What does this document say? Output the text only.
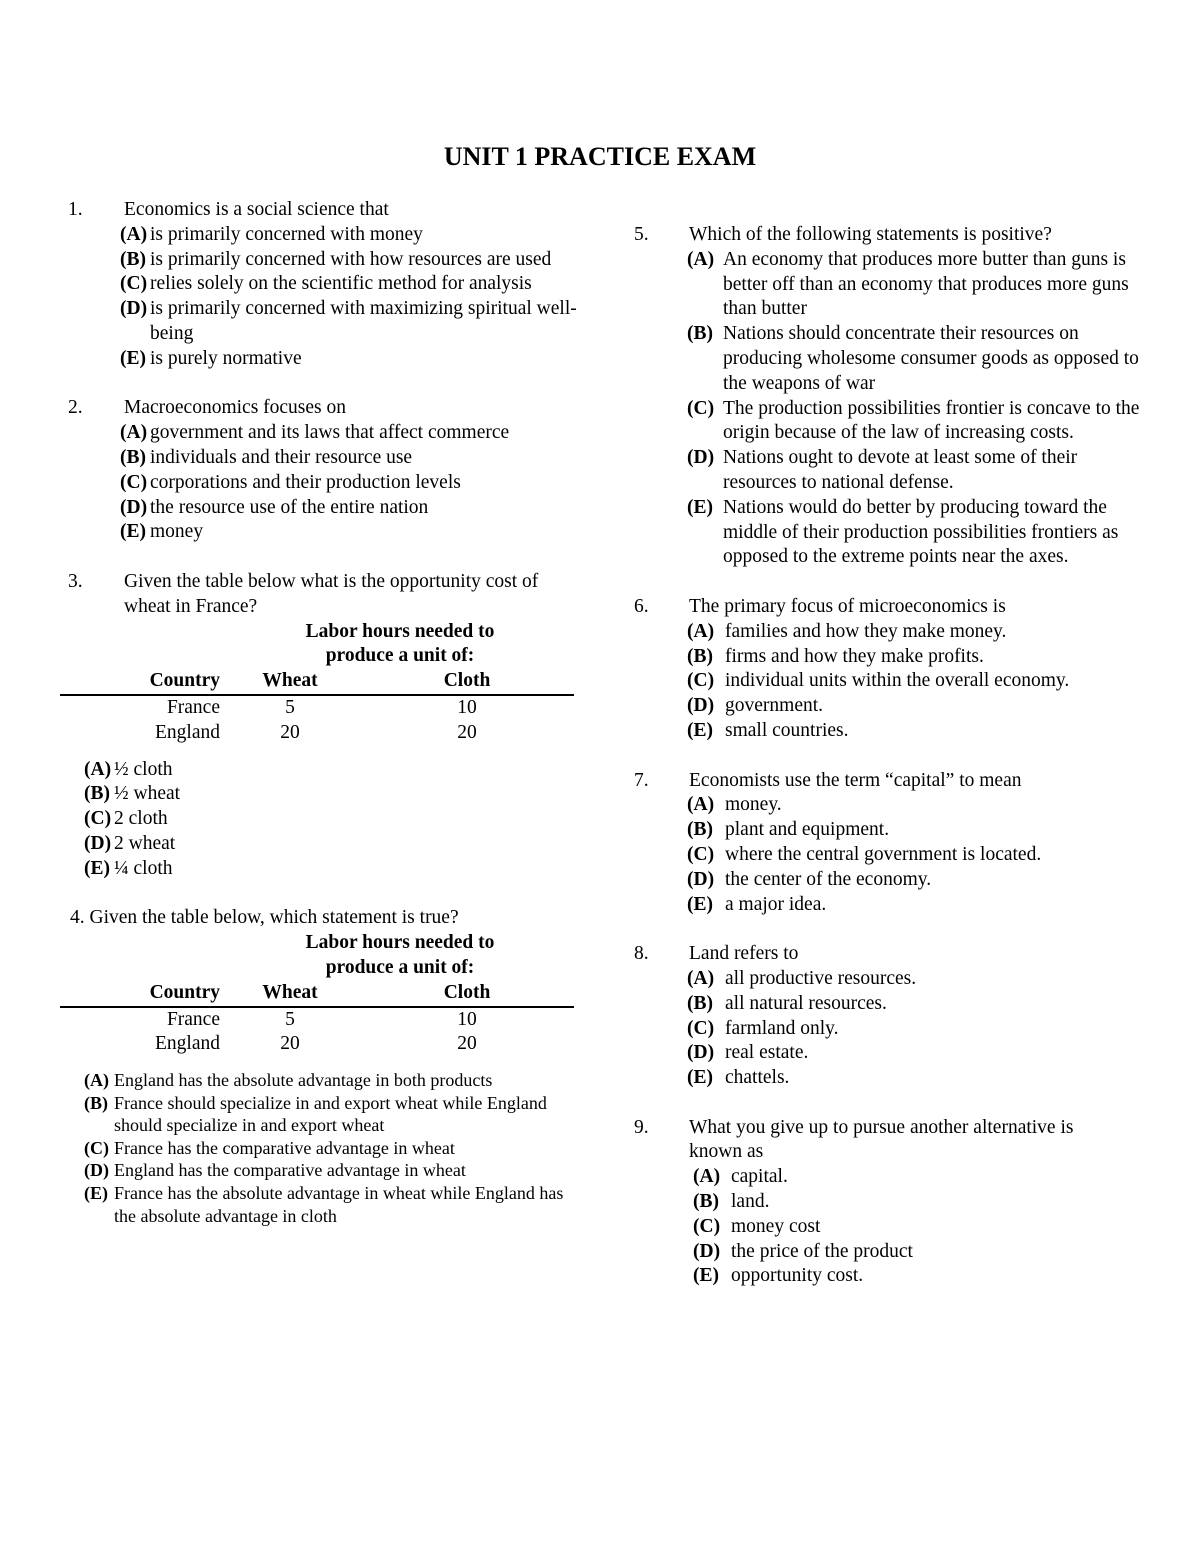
UNIT 1 PRACTICE EXAM
1. Economics is a social science that
(A) is primarily concerned with money
(B) is primarily concerned with how resources are used
(C) relies solely on the scientific method for analysis
(D) is primarily concerned with maximizing spiritual well-being
(E) is purely normative
2. Macroeconomics focuses on
(A) government and its laws that affect commerce
(B) individuals and their resource use
(C) corporations and their production levels
(D) the resource use of the entire nation
(E) money
3. Given the table below what is the opportunity cost of wheat in France?
Labor hours needed to
produce a unit of:
Country	Wheat	Cloth
France	5	10
England	20	20
(A) ½ cloth
(B) ½ wheat
(C) 2 cloth
(D) 2 wheat
(E) ¼ cloth
4. Given the table below, which statement is true?
Labor hours needed to
produce a unit of:
Country	Wheat	Cloth
France	5	10
England	20	20
(A) England has the absolute advantage in both products
(B) France should specialize in and export wheat while England should specialize in and export wheat
(C) France has the comparative advantage in wheat
(D) England has the comparative advantage in wheat
(E) France has the absolute advantage in wheat while England has the absolute advantage in cloth
5. Which of the following statements is positive?
(A) An economy that produces more butter than guns is better off than an economy that produces more guns than butter
(B) Nations should concentrate their resources on producing wholesome consumer goods as opposed to the weapons of war
(C) The production possibilities frontier is concave to the origin because of the law of increasing costs.
(D) Nations ought to devote at least some of their resources to national defense.
(E) Nations would do better by producing toward the middle of their production possibilities frontiers as opposed to the extreme points near the axes.
6. The primary focus of microeconomics is
(A) families and how they make money.
(B) firms and how they make profits.
(C) individual units within the overall economy.
(D) government.
(E) small countries.
7. Economists use the term “capital” to mean
(A) money.
(B) plant and equipment.
(C) where the central government is located.
(D) the center of the economy.
(E) a major idea.
8. Land refers to
(A) all productive resources.
(B) all natural resources.
(C) farmland only.
(D) real estate.
(E) chattels.
9. What you give up to pursue another alternative is known as
(A) capital.
(B) land.
(C) money cost
(D) the price of the product
(E) opportunity cost.
